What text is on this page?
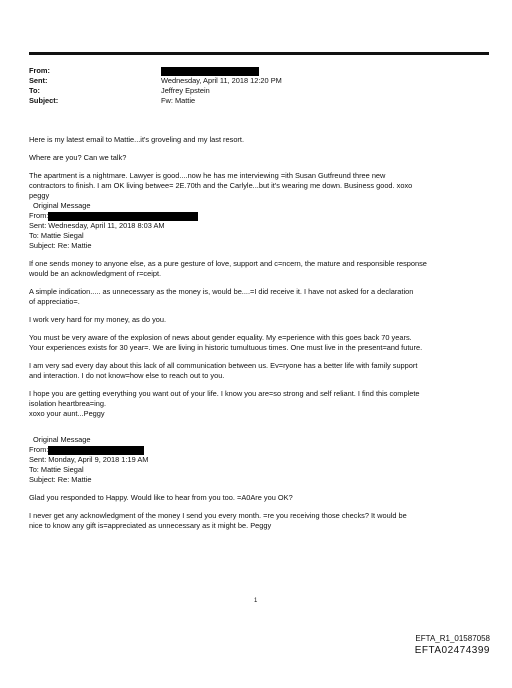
From:
Sent:	Wednesday, April 11, 2018 12:20 PM
To:	Jeffrey Epstein
Subject:	Fw: Mattie

Here is my latest email to Mattie...it's groveling and my last resort.

Where are you? Can we talk?

The apartment is a nightmare. Lawyer is good....now he has me interviewing =ith Susan Gutfreund three new

contractors to finish. I am OK living betwee= 2E.70th and the Carlyle...but it's wearing me down. Business good. xoxo

peggy

Original Message

From:

Sent: Wednesday, April 11, 2018 8:03 AM

To: Mattie Siegal

Subject: Re: Mattie

If one sends money to anyone else, as a pure gesture of love, support and c=ncern, the mature and responsible response

would be an acknowledgment of r=ceipt.

A simple indication..... as unnecessary as the money is, would be....=I did receive it. I have not asked for a declaration

of appreciatio=.

I work very hard for my money, as do you.

You must be very aware of the explosion of news about gender equality. My e=perience with this goes back 70 years.

Your experiences exists for 30 year=. We are living in historic tumultuous times. One must live in the present=and future.

I am very sad every day about this lack of all communication between us. Ev=ryone has a better life with family support

and interaction. I do not know=how else to reach out to you.

I hope you are getting everything you want out of your life. I know you are=so strong and self reliant. I find this complete

isolation heartbrea=ing.

xoxo your aunt...Peggy

Original Message

From:

Sent: Monday, April 9, 2018 1:19 AM

To: Mattie Siegal

Subject: Re: Mattie

Glad you responded to Happy. Would like to hear from you too. =A0Are you OK?

I never get any acknowledgment of the money I send you every month. =re you receiving those checks? It would be

nice to know any gift is=appreciated as unnecessary as it might be. Peggy

1
EFTA_R1_01587058
EFTA02474399
